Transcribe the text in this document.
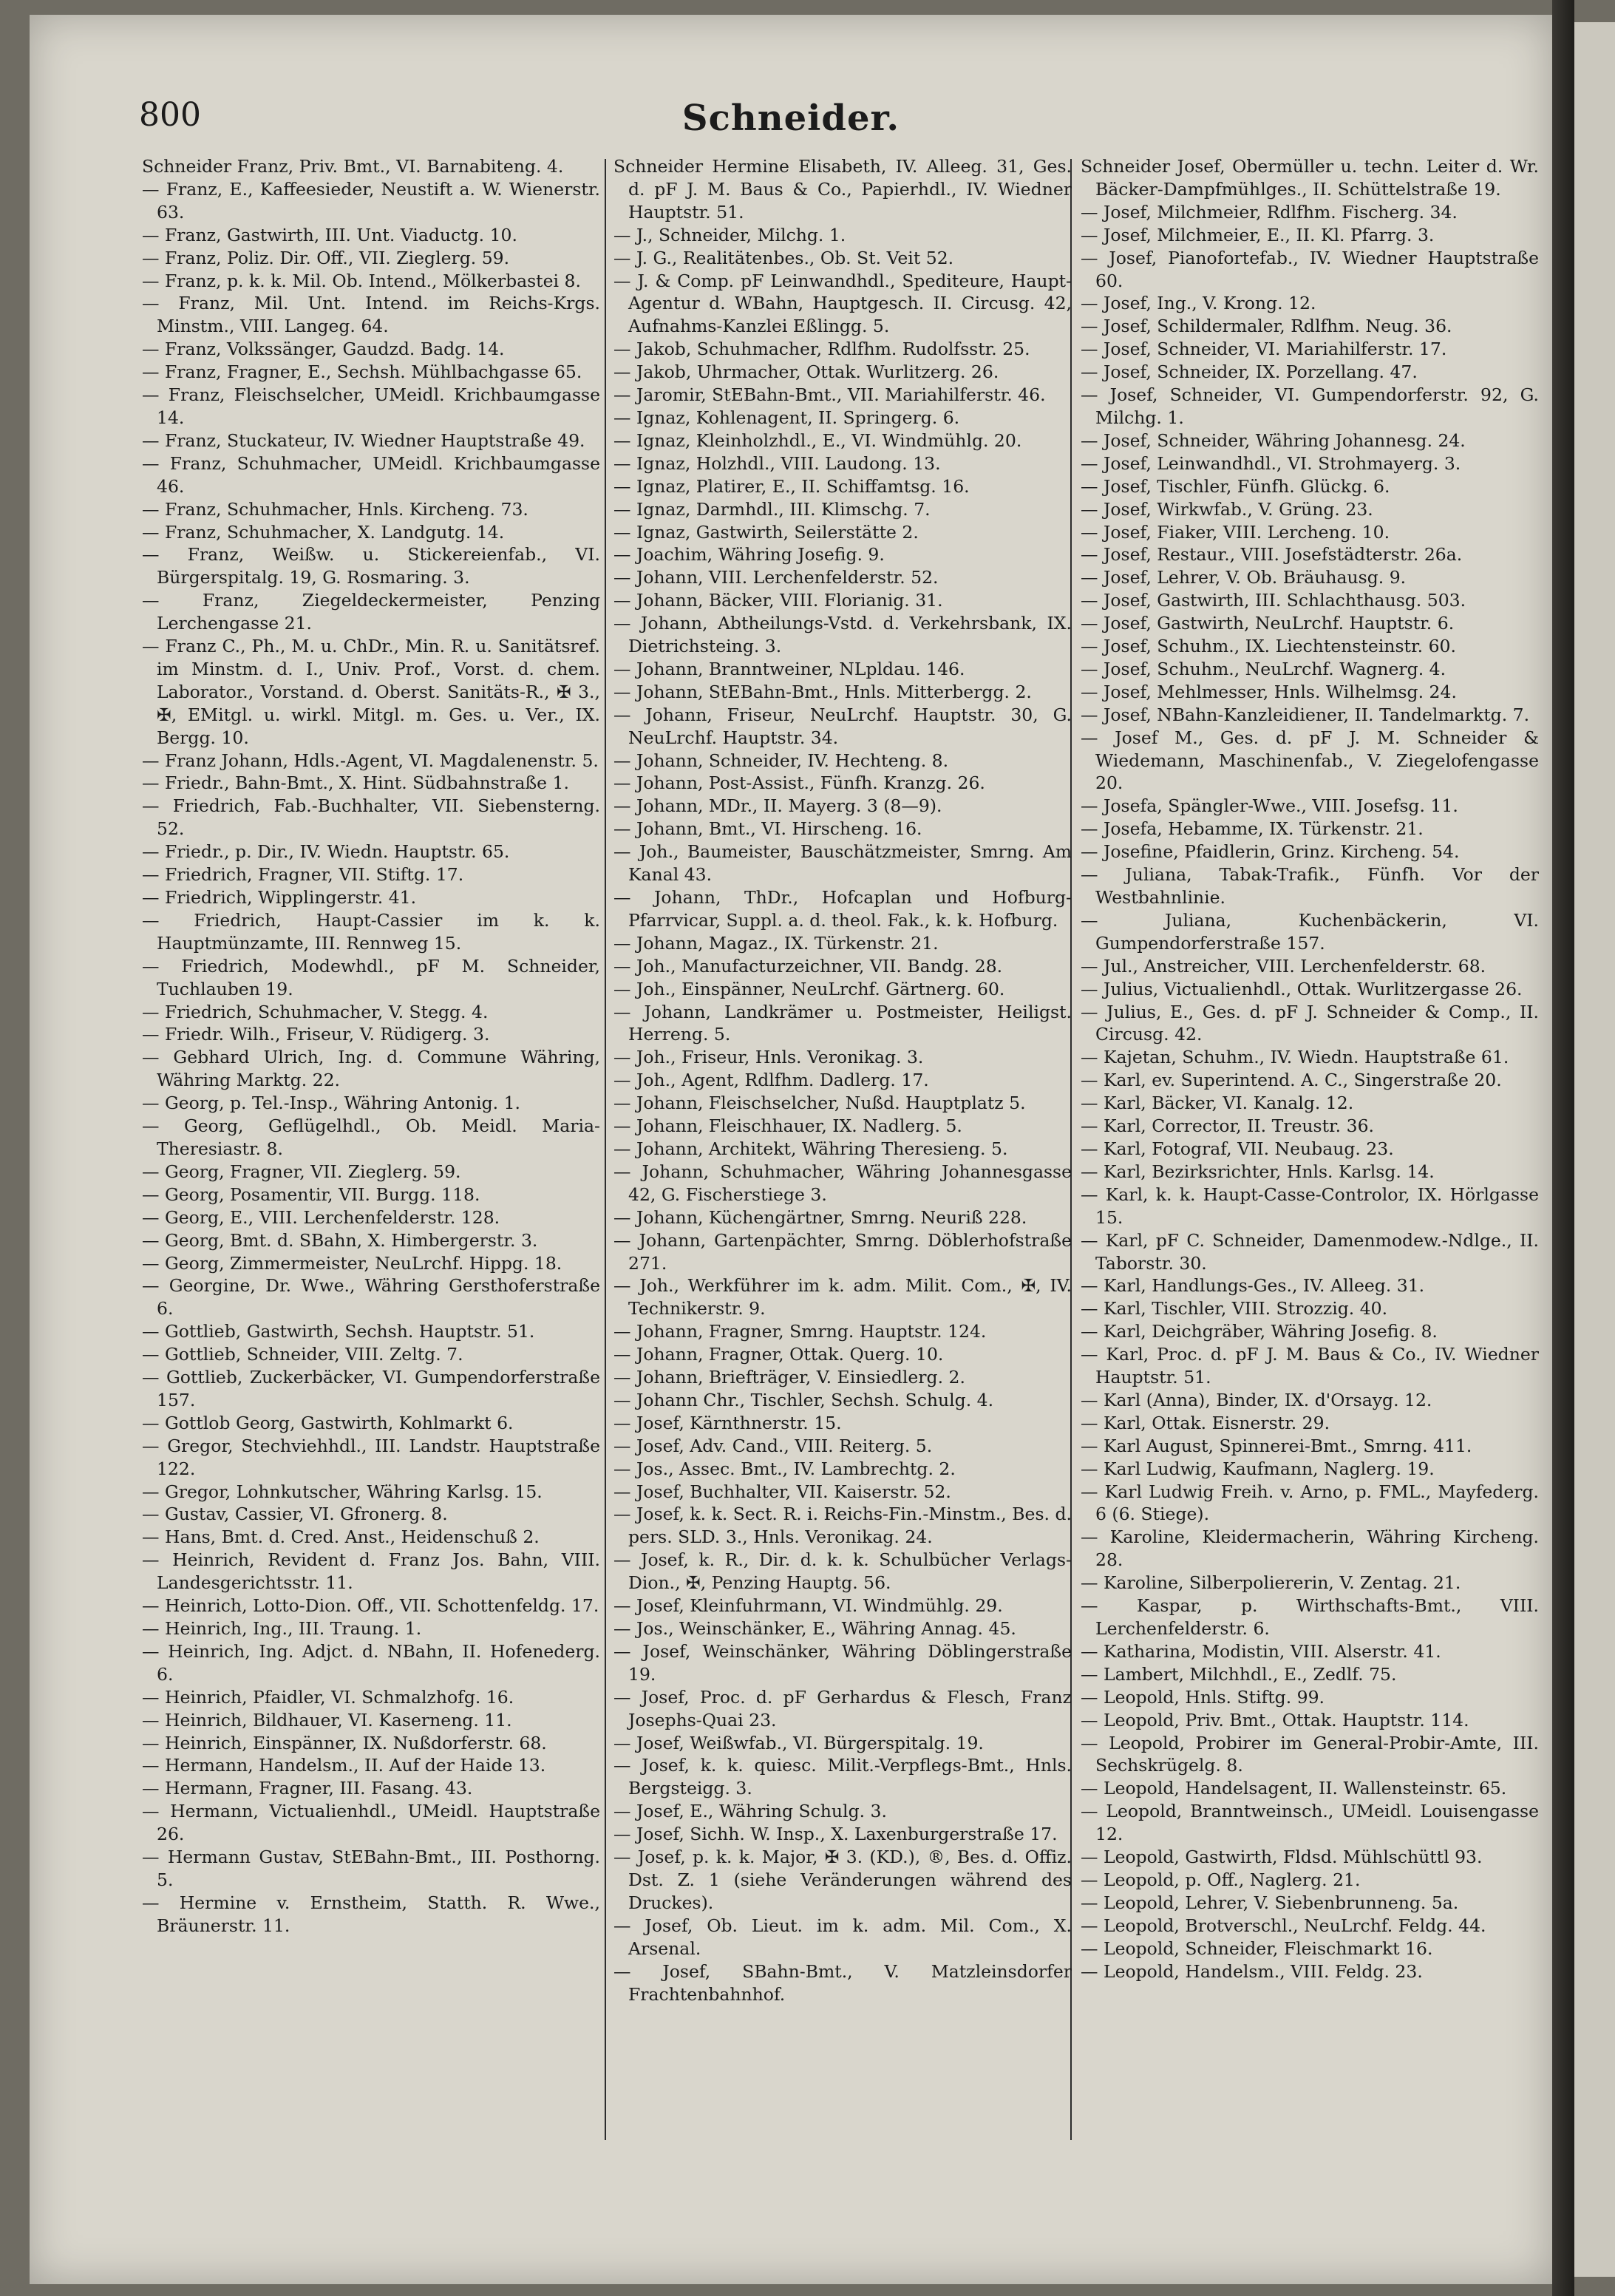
800	Schneider.
Schneider Franz, Priv. Bmt., VI. Barnabiteng. 4.
— Franz, E., Kaffeesieder, Neustift a. W. Wienerstr. 63.
— Franz, Gastwirth, III. Unt. Viaductg. 10.
— Franz, Poliz. Dir. Off., VII. Zieglerg. 59.
— Franz, p. k. k. Mil. Ob. Intend., Mölkerbastei 8.
— Franz, Mil. Unt. Intend. im Reichs-Krgs. Minstm., VIII. Langeg. 64.
— Franz, Volkssänger, Gaudzd. Badg. 14.
— Franz, Fragner, E., Sechsh. Mühlbachgasse 65.
— Franz, Fleischselcher, UMeidl. Krichbaumgasse 14.
— Franz, Stuckateur, IV. Wiedner Hauptstraße 49.
— Franz, Schuhmacher, UMeidl. Krichbaumgasse 46.
— Franz, Schuhmacher, Hnls. Kircheng. 73.
— Franz, Schuhmacher, X. Landgutg. 14.
— Franz, Weißw. u. Stickereienfab., VI. Bürgerspitalg. 19, G. Rosmaring. 3.
— Franz, Ziegeldeckermeister, Penzing Lerchengasse 21.
— Franz C., Ph., M. u. ChDr., Min. R. u. Sanitätsref. im Minstm. d. I., Univ. Prof., Vorst. d. chem. Laborator., Vorstand. d. Oberst. Sanitäts-R., ✠ 3., ✠, EMitgl. u. wirkl. Mitgl. m. Ges. u. Ver., IX. Bergg. 10.
— Franz Johann, Hdls.-Agent, VI. Magdalenenstr. 5.
— Friedr., Bahn-Bmt., X. Hint. Südbahnstraße 1.
— Friedrich, Fab.-Buchhalter, VII. Siebensterng. 52.
— Friedr., p. Dir., IV. Wiedn. Hauptstr. 65.
— Friedrich, Fragner, VII. Stiftg. 17.
— Friedrich, Wipplingerstr. 41.
— Friedrich, Haupt-Cassier im k. k. Hauptmünzamte, III. Rennweg 15.
— Friedrich, Modewhdl., pF M. Schneider, Tuchlauben 19.
— Friedrich, Schuhmacher, V. Stegg. 4.
— Friedr. Wilh., Friseur, V. Rüdigerg. 3.
— Gebhard Ulrich, Ing. d. Commune Währing, Währing Marktg. 22.
— Georg, p. Tel.-Insp., Währing Antonig. 1.
— Georg, Geflügelhdl., Ob. Meidl. Maria-Theresiastr. 8.
— Georg, Fragner, VII. Zieglerg. 59.
— Georg, Posamentir, VII. Burgg. 118.
— Georg, E., VIII. Lerchenfelderstr. 128.
— Georg, Bmt. d. SBahn, X. Himbergerstr. 3.
— Georg, Zimmermeister, NeuLrchf. Hippg. 18.
— Georgine, Dr. Wwe., Währing Gersthoferstraße 6.
— Gottlieb, Gastwirth, Sechsh. Hauptstr. 51.
— Gottlieb, Schneider, VIII. Zeltg. 7.
— Gottlieb, Zuckerbäcker, VI. Gumpendorferstraße 157.
— Gottlob Georg, Gastwirth, Kohlmarkt 6.
— Gregor, Stechviehhdl., III. Landstr. Hauptstraße 122.
— Gregor, Lohnkutscher, Währing Karlsg. 15.
— Gustav, Cassier, VI. Gfronerg. 8.
— Hans, Bmt. d. Cred. Anst., Heidenschuß 2.
— Heinrich, Revident d. Franz Jos. Bahn, VIII. Landesgerichtsstr. 11.
— Heinrich, Lotto-Dion. Off., VII. Schottenfeldg. 17.
— Heinrich, Ing., III. Traung. 1.
— Heinrich, Ing. Adjct. d. NBahn, II. Hofenederg. 6.
— Heinrich, Pfaidler, VI. Schmalzhofg. 16.
— Heinrich, Bildhauer, VI. Kaserneng. 11.
— Heinrich, Einspänner, IX. Nußdorferstr. 68.
— Hermann, Handelsm., II. Auf der Haide 13.
— Hermann, Fragner, III. Fasang. 43.
— Hermann, Victualienhdl., UMeidl. Hauptstraße 26.
— Hermann Gustav, StEBahn-Bmt., III. Posthorng. 5.
— Hermine v. Ernstheim, Statth. R. Wwe., Bräunerstr. 11.
Schneider Hermine Elisabeth, IV. Alleeg. 31, Ges. d. pF J. M. Baus & Co., Papierhdl., IV. Wiedner Hauptstr. 51.
— J., Schneider, Milchg. 1.
— J. G., Realitätenbes., Ob. St. Veit 52.
— J. & Comp. pF Leinwandhdl., Spediteure, Haupt-Agentur d. WBahn, Hauptgesch. II. Circusg. 42, Aufnahms-Kanzlei Eßlingg. 5.
— Jakob, Schuhmacher, Rdlfhm. Rudolfsstr. 25.
— Jakob, Uhrmacher, Ottak. Wurlitzerg. 26.
— Jaromir, StEBahn-Bmt., VII. Mariahilferstr. 46.
— Ignaz, Kohlenagent, II. Springerg. 6.
— Ignaz, Kleinholzhdl., E., VI. Windmühlg. 20.
— Ignaz, Holzhdl., VIII. Laudong. 13.
— Ignaz, Platirer, E., II. Schiffamtsg. 16.
— Ignaz, Darmhdl., III. Klimschg. 7.
— Ignaz, Gastwirth, Seilerstätte 2.
— Joachim, Währing Josefig. 9.
— Johann, VIII. Lerchenfelderstr. 52.
— Johann, Bäcker, VIII. Florianig. 31.
— Johann, Abtheilungs-Vstd. d. Verkehrsbank, IX. Dietrichsteing. 3.
— Johann, Branntweiner, NLpldau. 146.
— Johann, StEBahn-Bmt., Hnls. Mitterbergg. 2.
— Johann, Friseur, NeuLrchf. Hauptstr. 30, G. NeuLrchf. Hauptstr. 34.
— Johann, Schneider, IV. Hechteng. 8.
— Johann, Post-Assist., Fünfh. Kranzg. 26.
— Johann, MDr., II. Mayerg. 3 (8—9).
— Johann, Bmt., VI. Hirscheng. 16.
— Joh., Baumeister, Bauschätzmeister, Smrng. Am Kanal 43.
— Johann, ThDr., Hofcaplan und Hofburg-Pfarrvicar, Suppl. a. d. theol. Fak., k. k. Hofburg.
— Johann, Magaz., IX. Türkenstr. 21.
— Joh., Manufacturzeichner, VII. Bandg. 28.
— Joh., Einspänner, NeuLrchf. Gärtnerg. 60.
— Johann, Landkrämer u. Postmeister, Heiligst. Herreng. 5.
— Joh., Friseur, Hnls. Veronikag. 3.
— Joh., Agent, Rdlfhm. Dadlerg. 17.
— Johann, Fleischselcher, Nußd. Hauptplatz 5.
— Johann, Fleischhauer, IX. Nadlerg. 5.
— Johann, Architekt, Währing Theresieng. 5.
— Johann, Schuhmacher, Währing Johannesgasse 42, G. Fischerstiege 3.
— Johann, Küchengärtner, Smrng. Neuriß 228.
— Johann, Gartenpächter, Smrng. Döblerhofstraße 271.
— Joh., Werkführer im k. adm. Milit. Com., ✠, IV. Technikerstr. 9.
— Johann, Fragner, Smrng. Hauptstr. 124.
— Johann, Fragner, Ottak. Querg. 10.
— Johann, Briefträger, V. Einsiedlerg. 2.
— Johann Chr., Tischler, Sechsh. Schulg. 4.
— Josef, Kärnthnerstr. 15.
— Josef, Adv. Cand., VIII. Reiterg. 5.
— Jos., Assec. Bmt., IV. Lambrechtg. 2.
— Josef, Buchhalter, VII. Kaiserstr. 52.
— Josef, k. k. Sect. R. i. Reichs-Fin.-Minstm., Bes. d. pers. SLD. 3., Hnls. Veronikag. 24.
— Josef, k. R., Dir. d. k. k. Schulbücher Verlags-Dion., ✠, Penzing Hauptg. 56.
— Josef, Kleinfuhrmann, VI. Windmühlg. 29.
— Jos., Weinschänker, E., Währing Annag. 45.
— Josef, Weinschänker, Währing Döblingerstraße 19.
— Josef, Proc. d. pF Gerhardus & Flesch, Franz Josephs-Quai 23.
— Josef, Weißwfab., VI. Bürgerspitalg. 19.
— Josef, k. k. quiesc. Milit.-Verpflegs-Bmt., Hnls. Bergsteigg. 3.
— Josef, E., Währing Schulg. 3.
— Josef, Sichh. W. Insp., X. Laxenburgerstraße 17.
— Josef, p. k. k. Major, ✠ 3. (KD.), ®, Bes. d. Offiz. Dst. Z. 1 (siehe Veränderungen während des Druckes).
— Josef, Ob. Lieut. im k. adm. Mil. Com., X. Arsenal.
— Josef, SBahn-Bmt., V. Matzleinsdorfer Frachtenbahnhof.
Schneider Josef, Obermüller u. techn. Leiter d. Wr. Bäcker-Dampfmühlges., II. Schüttelstraße 19.
— Josef, Milchmeier, Rdlfhm. Fischerg. 34.
— Josef, Milchmeier, E., II. Kl. Pfarrg. 3.
— Josef, Pianofortefab., IV. Wiedner Hauptstraße 60.
— Josef, Ing., V. Krong. 12.
— Josef, Schildermaler, Rdlfhm. Neug. 36.
— Josef, Schneider, VI. Mariahilferstr. 17.
— Josef, Schneider, IX. Porzellang. 47.
— Josef, Schneider, VI. Gumpendorferstr. 92, G. Milchg. 1.
— Josef, Schneider, Währing Johannesg. 24.
— Josef, Leinwandhdl., VI. Strohmayerg. 3.
— Josef, Tischler, Fünfh. Glückg. 6.
— Josef, Wirkwfab., V. Grüng. 23.
— Josef, Fiaker, VIII. Lercheng. 10.
— Josef, Restaur., VIII. Josefstädterstr. 26a.
— Josef, Lehrer, V. Ob. Bräuhausg. 9.
— Josef, Gastwirth, III. Schlachthausg. 503.
— Josef, Gastwirth, NeuLrchf. Hauptstr. 6.
— Josef, Schuhm., IX. Liechtensteinstr. 60.
— Josef, Schuhm., NeuLrchf. Wagnerg. 4.
— Josef, Mehlmesser, Hnls. Wilhelmsg. 24.
— Josef, NBahn-Kanzleidiener, II. Tandelmarktg. 7.
— Josef M., Ges. d. pF J. M. Schneider & Wiedemann, Maschinenfab., V. Ziegelofengasse 20.
— Josefa, Spängler-Wwe., VIII. Josefsg. 11.
— Josefa, Hebamme, IX. Türkenstr. 21.
— Josefine, Pfaidlerin, Grinz. Kircheng. 54.
— Juliana, Tabak-Trafik., Fünfh. Vor der Westbahnlinie.
— Juliana, Kuchenbäckerin, VI. Gumpendorferstraße 157.
— Jul., Anstreicher, VIII. Lerchenfelderstr. 68.
— Julius, Victualienhdl., Ottak. Wurlitzergasse 26.
— Julius, E., Ges. d. pF J. Schneider & Comp., II. Circusg. 42.
— Kajetan, Schuhm., IV. Wiedn. Hauptstraße 61.
— Karl, ev. Superintend. A. C., Singerstraße 20.
— Karl, Bäcker, VI. Kanalg. 12.
— Karl, Corrector, II. Treustr. 36.
— Karl, Fotograf, VII. Neubaug. 23.
— Karl, Bezirksrichter, Hnls. Karlsg. 14.
— Karl, k. k. Haupt-Casse-Controlor, IX. Hörlgasse 15.
— Karl, pF C. Schneider, Damenmodew.-Ndlge., II. Taborstr. 30.
— Karl, Handlungs-Ges., IV. Alleeg. 31.
— Karl, Tischler, VIII. Strozzig. 40.
— Karl, Deichgräber, Währing Josefig. 8.
— Karl, Proc. d. pF J. M. Baus & Co., IV. Wiedner Hauptstr. 51.
— Karl (Anna), Binder, IX. d'Orsayg. 12.
— Karl, Ottak. Eisnerstr. 29.
— Karl August, Spinnerei-Bmt., Smrng. 411.
— Karl Ludwig, Kaufmann, Naglerg. 19.
— Karl Ludwig Freih. v. Arno, p. FML., Mayfederg. 6 (6. Stiege).
— Karoline, Kleidermacherin, Währing Kircheng. 28.
— Karoline, Silberpoliererin, V. Zentag. 21.
— Kaspar, p. Wirthschafts-Bmt., VIII. Lerchenfelderstr. 6.
— Katharina, Modistin, VIII. Alserstr. 41.
— Lambert, Milchhdl., E., Zedlf. 75.
— Leopold, Hnls. Stiftg. 99.
— Leopold, Priv. Bmt., Ottak. Hauptstr. 114.
— Leopold, Probirer im General-Probir-Amte, III. Sechskrügelg. 8.
— Leopold, Handelsagent, II. Wallensteinstr. 65.
— Leopold, Branntweinsch., UMeidl. Louisengasse 12.
— Leopold, Gastwirth, Fldsd. Mühlschüttl 93.
— Leopold, p. Off., Naglerg. 21.
— Leopold, Lehrer, V. Siebenbrunneng. 5a.
— Leopold, Brotverschl., NeuLrchf. Feldg. 44.
— Leopold, Schneider, Fleischmarkt 16.
— Leopold, Handelsm., VIII. Feldg. 23.
